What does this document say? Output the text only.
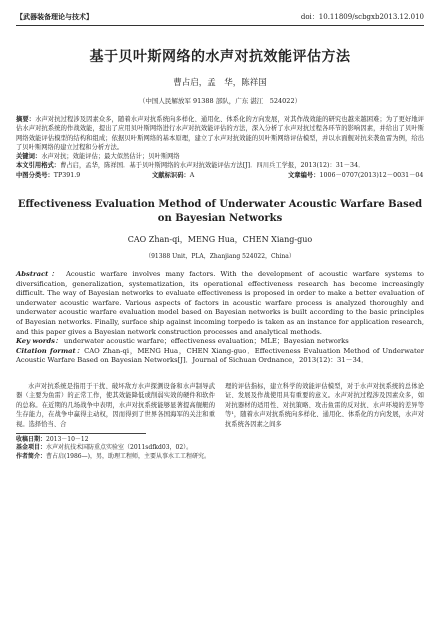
【武器装备理论与技术】	doi：10.11809/scbgxb2013.12.010
基于贝叶斯网络的水声对抗效能评估方法
曹占启，孟　华，陈祥国
（中国人民解放军 91388 部队，广东 湛江　524022）

摘要：水声对抗过程涉及因素众多，随着水声对抗系统向多样化、通用化、体系化的方向发展，对其作战效能的研究也越来越困难；为了更好地评估水声对抗系统的作战效能，提出了应用贝叶斯网络进行水声对抗效能评估的方法，深入分析了水声对抗过程各环节的影响因素，并给出了贝叶斯网络效能评估模型的结构和组成；依据贝叶斯网络的基本原理，建立了水声对抗效能的贝叶斯网络评估模型，并以水面舰对抗来袭鱼雷为例，给出了贝叶斯网络的建立过程和分析方法。

关键词：水声对抗；效能评估；最大似然估计；贝叶斯网络

本文引用格式：曹占启，孟华，陈祥国．基于贝叶斯网络的水声对抗效能评估方法[J]．四川兵工学报，2013(12)：31－34．

中图分类号：TP391.9	文献标识码：A	文章编号：1006－0707(2013)12－0031－04
Effectiveness Evaluation Method of Underwater Acoustic Warfare Based on Bayesian Networks
CAO Zhan-qi，MENG Hua，CHEN Xiang-guo
（91388 Unit，PLA，Zhanjiang 524022，China）

Abstract： Acoustic warfare involves many factors. With the development of acoustic warfare systems to diversification, generalization, systematization, its operational effectiveness research has become increasingly difficult. The way of Bayesian networks to evaluate effectiveness is proposed in order to make a better evaluation of underwater acoustic warfare. Various aspects of factors in acoustic warfare process is analyzed thoroughly and underwater acoustic warfare evaluation model based on Bayesian networks is built according to the basic principles of Bayesian networks. Finally, surface ship against incoming torpedo is taken as an instance for application research, and this paper gives a Bayesian network construction processes and analytical methods.

Key words： underwater acoustic warfare；effectiveness evaluation；MLE；Bayesian networks

Citation format：CAO Zhan-qi，MENG Hua，CHEN Xiang-guo．Effectiveness Evaluation Method of Underwater Acoustic Warfare Based on Bayesian Networks[J]．Journal of Sichuan Ordnance，2013(12)：31－34．

水声对抗系统是指用于干扰、破坏敌方水声探测设备和水声制导武器（主要为鱼雷）的正常工作，使其效能降低或削弱实效的硬件和软件的总称。在近期的几场战争中表明，水声对抗系统能够显著提高舰艇的生存能力，在战争中赢得主动权，因而得到了世界各国海军的关注和重视。选择恰当、合

收稿日期：2013－10－12
基金项目：水声对抗技术国防重点实验室（2011sdfkd03，02）。
作者简介：曹占启(1986—)，男，助理工程师，主要从事水工工程研究。

理的评估指标，建立科学的效能评估模型，对于水声对抗系统的总体论证、发展及作战使用具有重要的意义。水声对抗过程涉及因素众多，如对抗器材的适用性、对抗策略、攻击鱼雷的反对抗、水声环境的差异等等¹，随着水声对抗系统向多样化、通用化、体系化的方向发展，水声对抗系统各因素之间多
